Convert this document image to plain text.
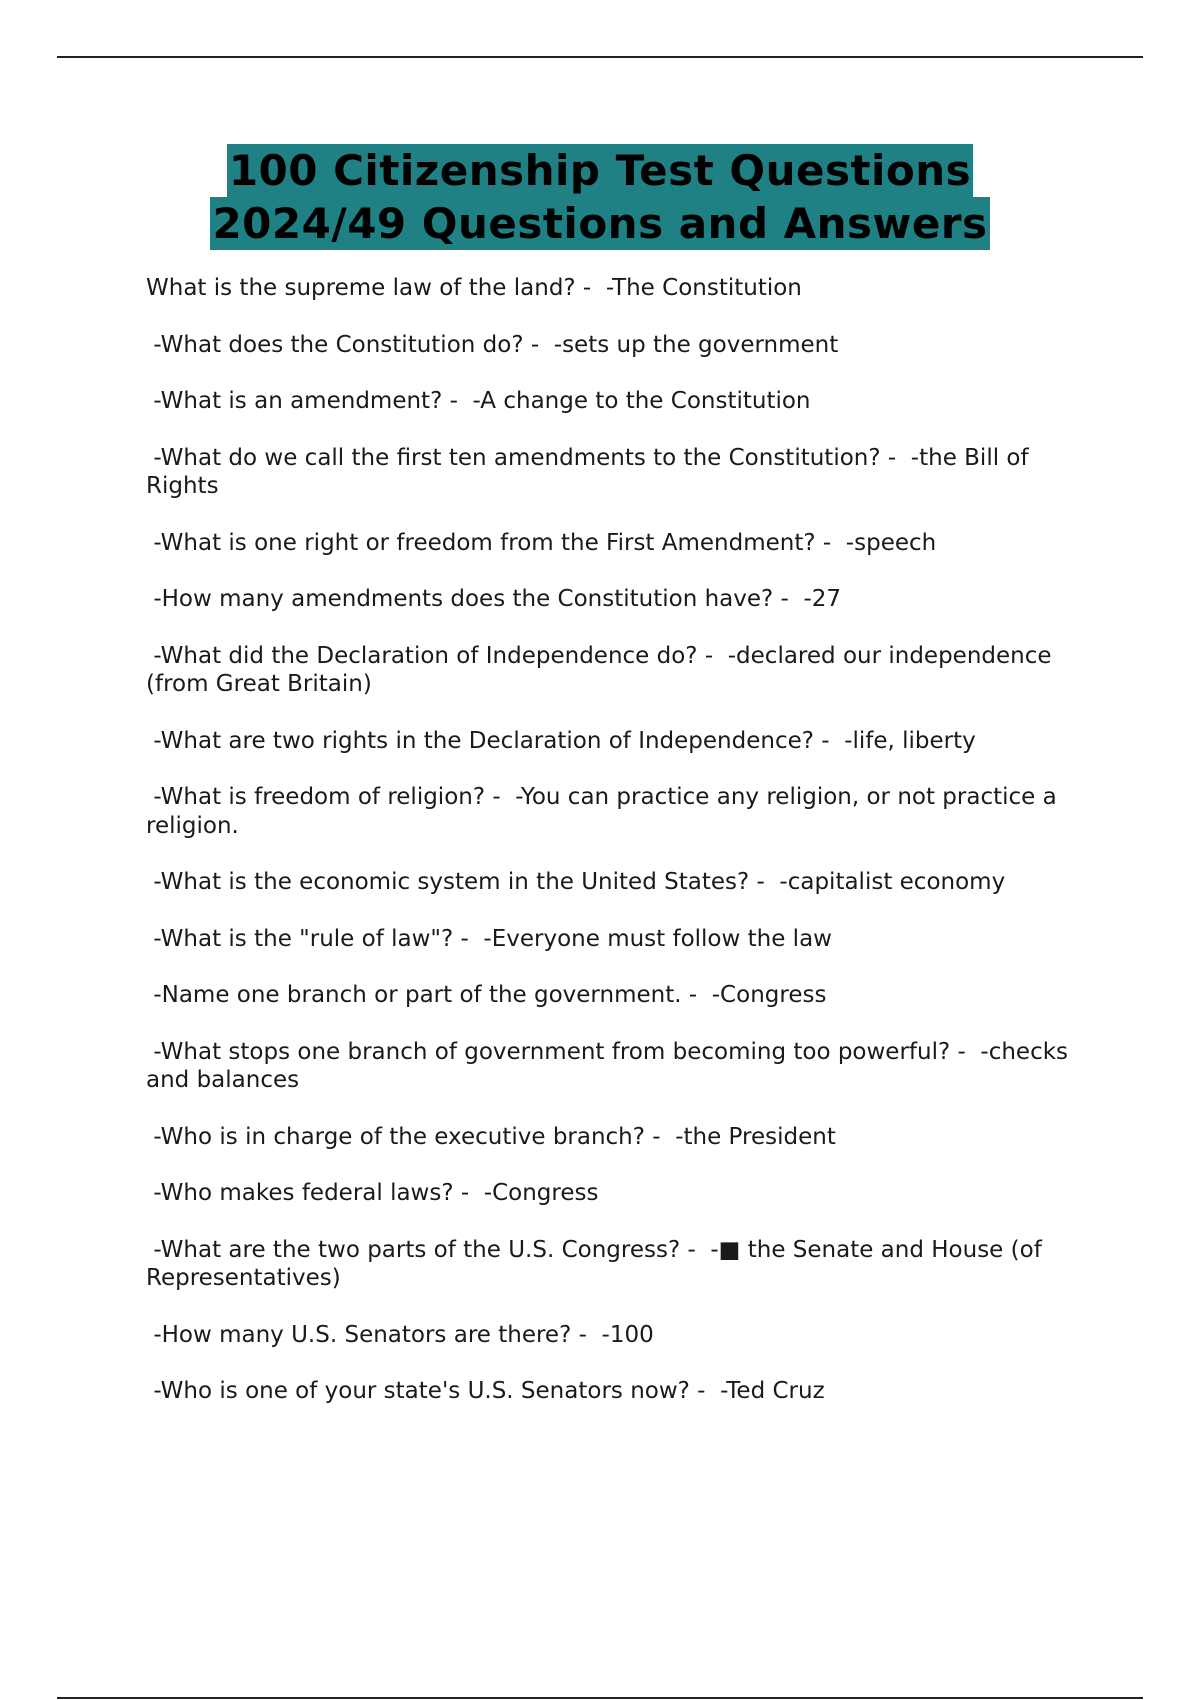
100 Citizenship Test Questions
2024/49 Questions and Answers
What is the supreme law of the land? -  -The Constitution
-What does the Constitution do? -  -sets up the government
-What is an amendment? -  -A change to the Constitution
-What do we call the first ten amendments to the Constitution? -  -the Bill of Rights
-What is one right or freedom from the First Amendment? -  -speech
-How many amendments does the Constitution have? -  -27
-What did the Declaration of Independence do? -  -declared our independence (from Great Britain)
-What are two rights in the Declaration of Independence? -  -life, liberty
-What is freedom of religion? -  -You can practice any religion, or not practice a religion.
-What is the economic system in the United States? -  -capitalist economy
-What is the "rule of law"? -  -Everyone must follow the law
-Name one branch or part of the government. -  -Congress
-What stops one branch of government from becoming too powerful? -  -checks and balances
-Who is in charge of the executive branch? -  -the President
-Who makes federal laws? -  -Congress
-What are the two parts of the U.S. Congress? -  -■ the Senate and House (of Representatives)
-How many U.S. Senators are there? -  -100
-Who is one of your state's U.S. Senators now? -  -Ted Cruz
